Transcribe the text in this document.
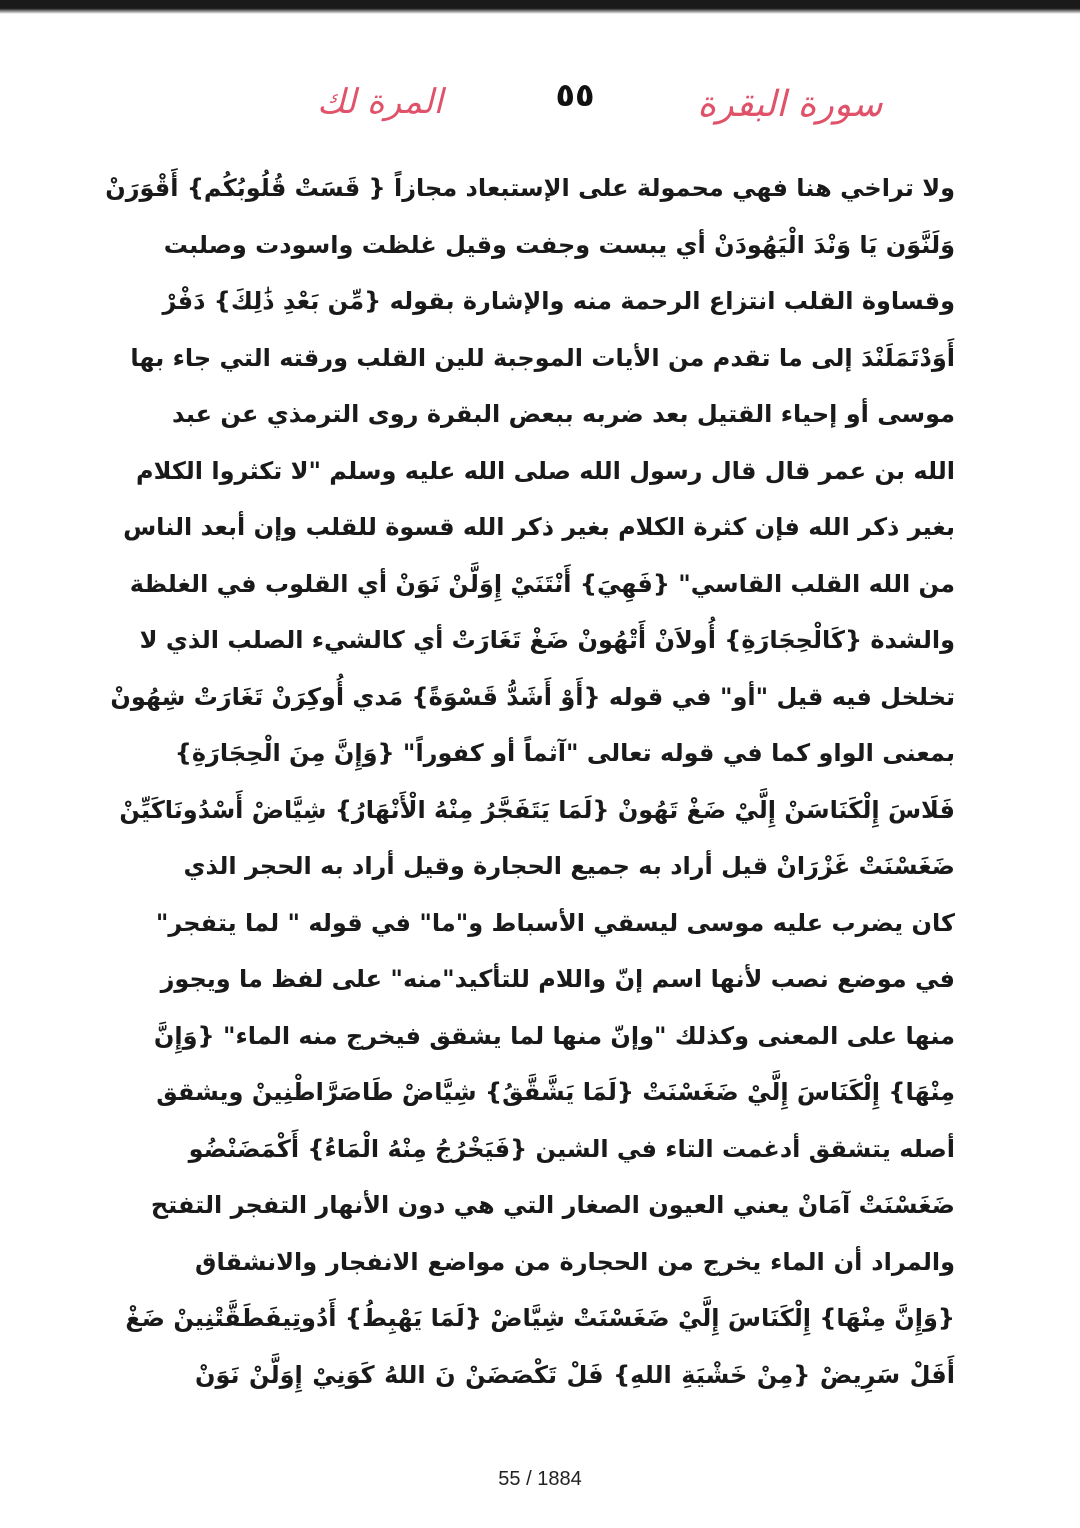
المرة لك	٥٥	سورة البقرة
ولا تراخي هنا فهي محمولة على الإستبعاد مجازاً { قَسَتْ قُلُوبُكُم} أَقْوَرَنْ
وَلَنَّوَن يَا وَنْدَ الْيَهُودَنْ أي يبست وجفت وقيل غلظت واسودت وصلبت
وقساوة القلب انتزاع الرحمة منه والإشارة بقوله {مِّن بَعْدِ ذَٰلِكَ} دَفْرْ
أَوَدْتَمَلَنْدَ إلى ما تقدم من الأيات الموجبة للين القلب ورقته التي جاء بها
موسى أو إحياء القتيل بعد ضربه ببعض البقرة روى الترمذي عن عبد
الله بن عمر قال قال رسول الله صلى الله عليه وسلم "لا تكثروا الكلام
بغير ذكر الله فإن كثرة الكلام بغير ذكر الله قسوة للقلب وإن أبعد الناس
من الله القلب القاسي" {فَهِيَ} أَنْتَنَيْ إِوَلَّنْ نَوَنْ أي القلوب في الغلظة
والشدة {كَالْحِجَارَةِ} أُولاَنْ أَتْهُونْ ضَغْ تَغَارَتْ أي كالشيء الصلب الذي لا
تخلخل فيه قيل "أو" في قوله {أَوْ أَشَدُّ قَسْوَةً} مَدي أُوكِرَنْ تَغَارَتْ شِهُونْ
بمعنى الواو كما في قوله تعالى "آثماً أو كفوراً" {وَإِنَّ مِنَ الْحِجَارَةِ}
فَلَاسَ إِلْكَنَاسَنْ إِلَّيْ ضَغْ تَهُونْ {لَمَا يَتَفَجَّرُ مِنْهُ الْأَنْهَارُ} شِيَّاضْ أَسْدُونَاكَيِّنْ
ضَغَسْنَتْ غَزْرَانْ قيل أراد به جميع الحجارة وقيل أراد به الحجر الذي
كان يضرب عليه موسى ليسقي الأسباط و"ما" في قوله " لما يتفجر"
في موضع نصب لأنها اسم إنّ واللام للتأكيد"منه" على لفظ ما ويجوز
منها على المعنى وكذلك "وإنّ منها لما يشقق فيخرج منه الماء" {وَإِنَّ
مِنْهَا} إِلْكَنَاسَ إِلَّيْ ضَغَسْنَتْ {لَمَا يَشَّقَّقُ} شِيَّاضْ طَاصَرَّاطْنِينْ ويشقق
أصله يتشقق أدغمت التاء في الشين {فَيَخْرُجُ مِنْهُ الْمَاءُ} أَكْمَضَنْضُو
ضَغَسْنَتْ آمَانْ يعني العيون الصغار التي هي دون الأنهار التفجر التفتح
والمراد أن الماء يخرج من الحجارة من مواضع الانفجار والانشقاق
{وَإِنَّ مِنْهَا} إِلْكَنَاسَ إِلَّيْ ضَغَسْنَتْ شِيَّاضْ {لَمَا يَهْبِطُ} أَدُوتِيفَطَقَّتْنِينْ ضَغْ
أَفَلْ سَرِيضْ {مِنْ خَشْيَةِ اللهِ} فَلْ تَكْصَضَنْ نَ اللهُ كَوَنِيْ إِوَلَّنْ نَوَنْ
55 / 1884
